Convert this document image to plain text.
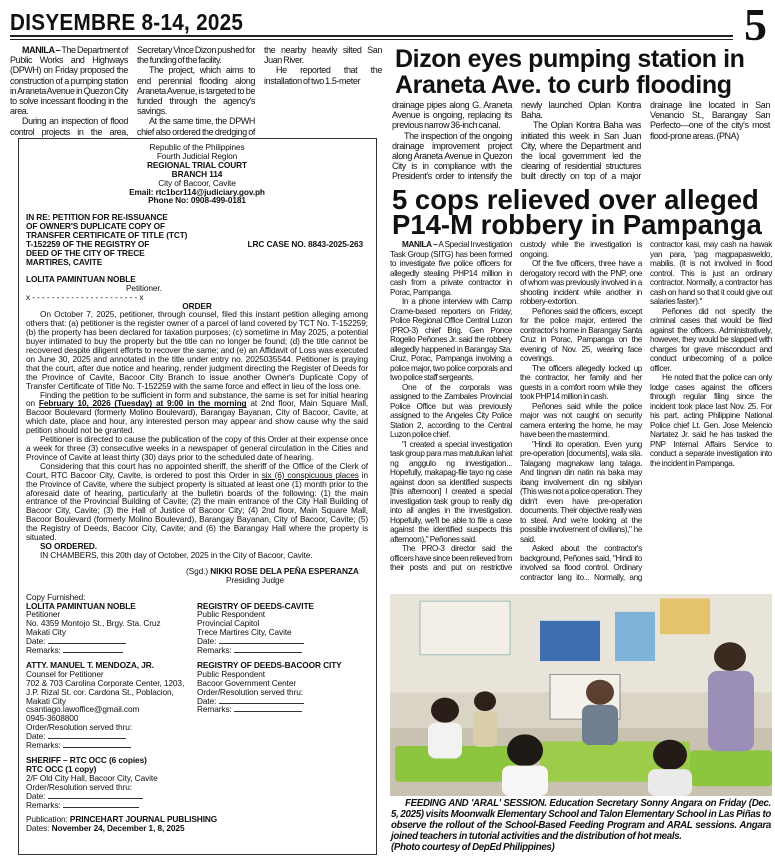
DISYEMBRE 8-14, 2025	5

MANILA – The Department of Public Works and Highways (DPWH) on Friday proposed the construction of a pumping station in Araneta Avenue in Quezon City to solve incessant flooding in the area.

During an inspection of flood control projects in the area, Secretary Vince Dizon pushed for the funding of the facility.

The project, which aims to end perennial flooding along Araneta Avenue, is targeted to be funded through the agency's savings.

At the same time, the DPWH chief also ordered the dredging of the nearby heavily silted San Juan River.

He reported that the installation of two 1.5-meter

Dizon eyes pumping station in
Araneta Ave. to curb flooding

drainage pipes along G. Araneta Avenue is ongoing, replacing its previous narrow 36-inch canal.

The inspection of the ongoing drainage improvement project along Araneta Avenue in Quezon City is in compliance with the President's order to intensify the newly launched Oplan Kontra Baha.

The Oplan Kontra Baha was initiated this week in San Juan City, where the Department and the local government led the clearing of residential structures built directly on top of a major drainage line located in San Venancio St., Barangay San Perfecto—one of the city's most flood-prone areas. (PNA)

5 cops relieved over alleged
P14-M robbery in Pampanga

MANILA – A Special Investigation Task Group (SITG) has been formed to investigate five police officers for allegedly stealing PHP14 million in cash from a private contractor in Porac, Pampanga.

In a phone interview with Camp Crame-based reporters on Friday, Police Regional Office Central Luzon (PRO-3) chief Brig. Gen Ponce Rogelio Peñones Jr. said the robbery allegedly happened in Barangay Sta. Cruz, Porac, Pampanga involving a police major, two police corporals and two police staff sergeants.

One of the corporals was assigned to the Zambales Provincial Police Office but was previously assigned to the Angeles City Police Station 2, according to the Central Luzon police chief.

"I created a special investigation task group para mas matutukan lahat ng anggulo ng investigation... Hopefully, makapag-file tayo ng case against doon sa identified suspects [this afternoon] I created a special investigation task group to really dig into all angles in the investigation. Hopefully, we'll be able to file a case against the identified suspects this afternoon)," Peñones said.

The PRO-3 director said the officers have since been relieved from their posts and put on restrictive custody while the investigation is ongoing.

Of the five officers, three have a derogatory record with the PNP, one of whom was previously involved in a shooting incident while another in robbery-extortion.

Peñones said the officers, except for the police major, entered the contractor's home in Barangay Santa Cruz in Porac, Pampanga on the evening of Nov. 25, wearing face coverings.

The officers allegedly locked up the contractor, her family and her guests in a comfort room while they took PHP14 million in cash.

Peñones said while the police major was not caught on security camera entering the home, he may have been the mastermind.

"Hindi ito operation. Even yung pre-operation [documents], wala sila. Talagang magnakaw lang talaga. And tingnan din natin na baka may ibang involvement din ng sibilyan (This was not a police operation. They didn't even have pre-operation documents. Their objective really was to steal. And we're looking at the possible involvement of civilians)," he said.

Asked about the contractor's background, Peñones said, "Hindi ito involved sa flood control. Ordinary contractor lang ito... Normally, ang contractor kasi, may cash na hawak yan para, 'pag magpapasweldo, mabilis. (It is not involved in flood control. This is just an ordinary contractor. Normally, a contractor has cash on hand so that it could give out salaries faster)."

Peñones did not specify the criminal cases that would be filed against the officers. Administratively, however, they would be slapped with charges for grave misconduct and conduct unbecoming of a police officer.

He noted that the police can only lodge cases against the officers through regular filing since the incident took place last Nov. 25. For his part, acting Philippine National Police chief Lt. Gen. Jose Melencio Nartatez Jr. said he has tasked the PNP Internal Affairs Service to conduct a separate investigation into the incident in Pampanga.

Republic of the Philippines
Fourth Judicial Region
REGIONAL TRIAL COURT
BRANCH 114
City of Bacoor, Cavite
Email: rtc1bcr114@judiciary.gov.ph
Phone No: 0908-499-0181
IN RE: PETITION FOR RE-ISSUANCE
OF OWNER'S DUPLICATE COPY OF
TRANSFER CERTIFICATE OF TITLE (TCT)
T-152259 OF THE REGISTRY OF
DEED OF THE CITY OF TRECE
MARTIRES, CAVITE
LRC CASE NO. 8843-2025-263
LOLITA PAMINTUAN NOBLE
Petitioner.
x - - - - - - - - - - - - - - - - - - - - - - x
ORDER

On October 7, 2025, petitioner, through counsel, filed this instant petition alleging among others that: (a) petitioner is the register owner of a parcel of land covered by TCT No. T-152259; (b) the property has been declared for taxation purposes; (c) sometime in May 2025, a potential buyer intimated to buy the property but the title can no longer be found; (d) the title cannot be recovered despite diligent efforts to recover the same; and (e) an Affidavit of Loss was executed on June 30, 2025 and annotated in the title under entry no. 2025035544. Petitioner is praying that the court, after due notice and hearing, render judgment directing the Register of Deeds for the Province of Cavite, Bacoor City Branch to issue another Owner's Duplicate Copy of Transfer Certificate of Title No. T-152259 with the same force and effect in lieu of the loss one.

Finding the petition to be sufficient in form and substance, the same is set for initial hearing on February 10, 2026 (Tuesday) at 9:00 in the morning at 2nd floor, Main Square Mall, Bacoor Boulevard (formerly Molino Boulevard), Barangay Bayanan, City of Bacoor, Cavite, at which date, place and hour, any interested person may appear and show cause why the said petition should not be granted.

Petitioner is directed to cause the publication of the copy of this Order at their expense once a week for three (3) consecutive weeks in a newspaper of general circulation in the Cities and Province of Cavite at least thirty (30) days prior to the scheduled date of hearing.

Considering that this court has no appointed sheriff, the sheriff of the Office of the Clerk of Court, RTC Bacoor City, Cavite, is ordered to post this Order in six (6) conspicuous places in the Province of Cavite, where the subject property is situated at least one (1) month prior to the aforesaid date of hearing, particularly at the bulletin boards of the following: (1) the main entrance of the Provincial Building of Cavite; (2) the main entrance of the City Hall Building of Bacoor City, Cavite; (3) the Hall of Justice of Bacoor City; (4) 2nd floor, Main Square Mall, Bacoor Boulevard (formerly Molino Boulevard), Barangay Bayanan, City of Bacoor, Cavite; (5) the Registry of Deeds, Bacoor City, Cavite; and (6) the Barangay Hall where the property is situated.

SO ORDERED.

IN CHAMBERS, this 20th day of October, 2025 in the City of Bacoor, Cavite.

(Sgd.) NIKKI ROSE DELA PEÑA ESPERANZA
Presiding Judge
Copy Furnished:
LOLITA PAMINTUAN NOBLE
Petitioner
No. 4359 Montojo St., Brgy. Sta. Cruz
Makati City
Date:
Remarks:
REGISTRY OF DEEDS-CAVITE
Public Respondent
Provincial Capitol
Trece Martires City, Cavite
Date:
Remarks:
ATTY. MANUEL T. MENDOZA, JR.
Counsel for Petitioner
702 & 703 Carolina Corporate Center, 1203, J.P. Rizal St. cor. Cardona St., Poblacion, Makati City
csantiago.lawoffice@gmail.com
0945-3608800
Order/Resolution served thru:
Date:
Remarks:
REGISTRY OF DEEDS-BACOOR CITY
Public Respondent
Bacoor Government Center
Order/Resolution served thru:
Date:
Remarks:
SHERIFF – RTC OCC (6 copies)
RTC OCC (1 copy)
2/F Old City Hall, Bacoor City, Cavite
Order/Resolution served thru:
Date:
Remarks:
Publication: PRINCEHART JOURNAL PUBLISHING
Dates: November 24, December 1, 8, 2025
FEEDING AND 'ARAL' SESSION. Education Secretary Sonny Angara on Friday (Dec. 5, 2025) visits Moonwalk Elementary School and Talon Elementary School in Las Piñas to observe the rollout of the School-Based Feeding Program and ARAL sessions. Angara joined teachers in tutorial activities and the distribution of hot meals.
(Photo courtesy of DepEd Philippines)
